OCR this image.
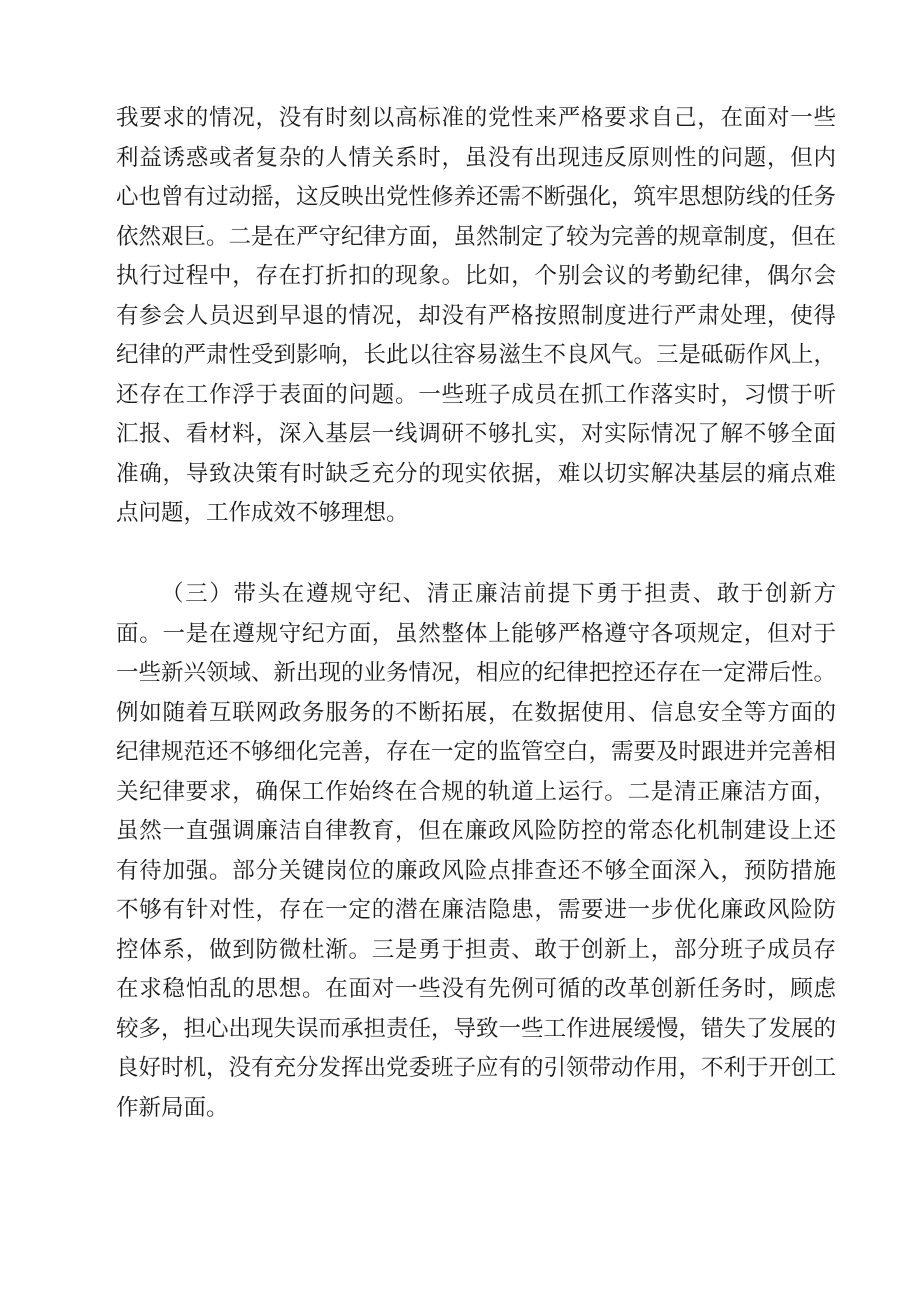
我要求的情况，没有时刻以高标准的党性来严格要求自己，在面对一些
利益诱惑或者复杂的人情关系时，虽没有出现违反原则性的问题，但内
心也曾有过动摇，这反映出党性修养还需不断强化，筑牢思想防线的任务
依然艰巨。二是在严守纪律方面，虽然制定了较为完善的规章制度，但在
执行过程中，存在打折扣的现象。比如，个别会议的考勤纪律，偶尔会
有参会人员迟到早退的情况，却没有严格按照制度进行严肃处理，使得
纪律的严肃性受到影响，长此以往容易滋生不良风气。三是砥砺作风上，
还存在工作浮于表面的问题。一些班子成员在抓工作落实时，习惯于听
汇报、看材料，深入基层一线调研不够扎实，对实际情况了解不够全面
准确，导致决策有时缺乏充分的现实依据，难以切实解决基层的痛点难
点问题，工作成效不够理想。
（三）带头在遵规守纪、清正廉洁前提下勇于担责、敢于创新方
面。一是在遵规守纪方面，虽然整体上能够严格遵守各项规定，但对于
一些新兴领域、新出现的业务情况，相应的纪律把控还存在一定滞后性。
例如随着互联网政务服务的不断拓展，在数据使用、信息安全等方面的
纪律规范还不够细化完善，存在一定的监管空白，需要及时跟进并完善相
关纪律要求，确保工作始终在合规的轨道上运行。二是清正廉洁方面，
虽然一直强调廉洁自律教育，但在廉政风险防控的常态化机制建设上还
有待加强。部分关键岗位的廉政风险点排查还不够全面深入，预防措施
不够有针对性，存在一定的潜在廉洁隐患，需要进一步优化廉政风险防
控体系，做到防微杜渐。三是勇于担责、敢于创新上，部分班子成员存
在求稳怕乱的思想。在面对一些没有先例可循的改革创新任务时，顾虑
较多，担心出现失误而承担责任，导致一些工作进展缓慢，错失了发展的
良好时机，没有充分发挥出党委班子应有的引领带动作用，不利于开创工
作新局面。
